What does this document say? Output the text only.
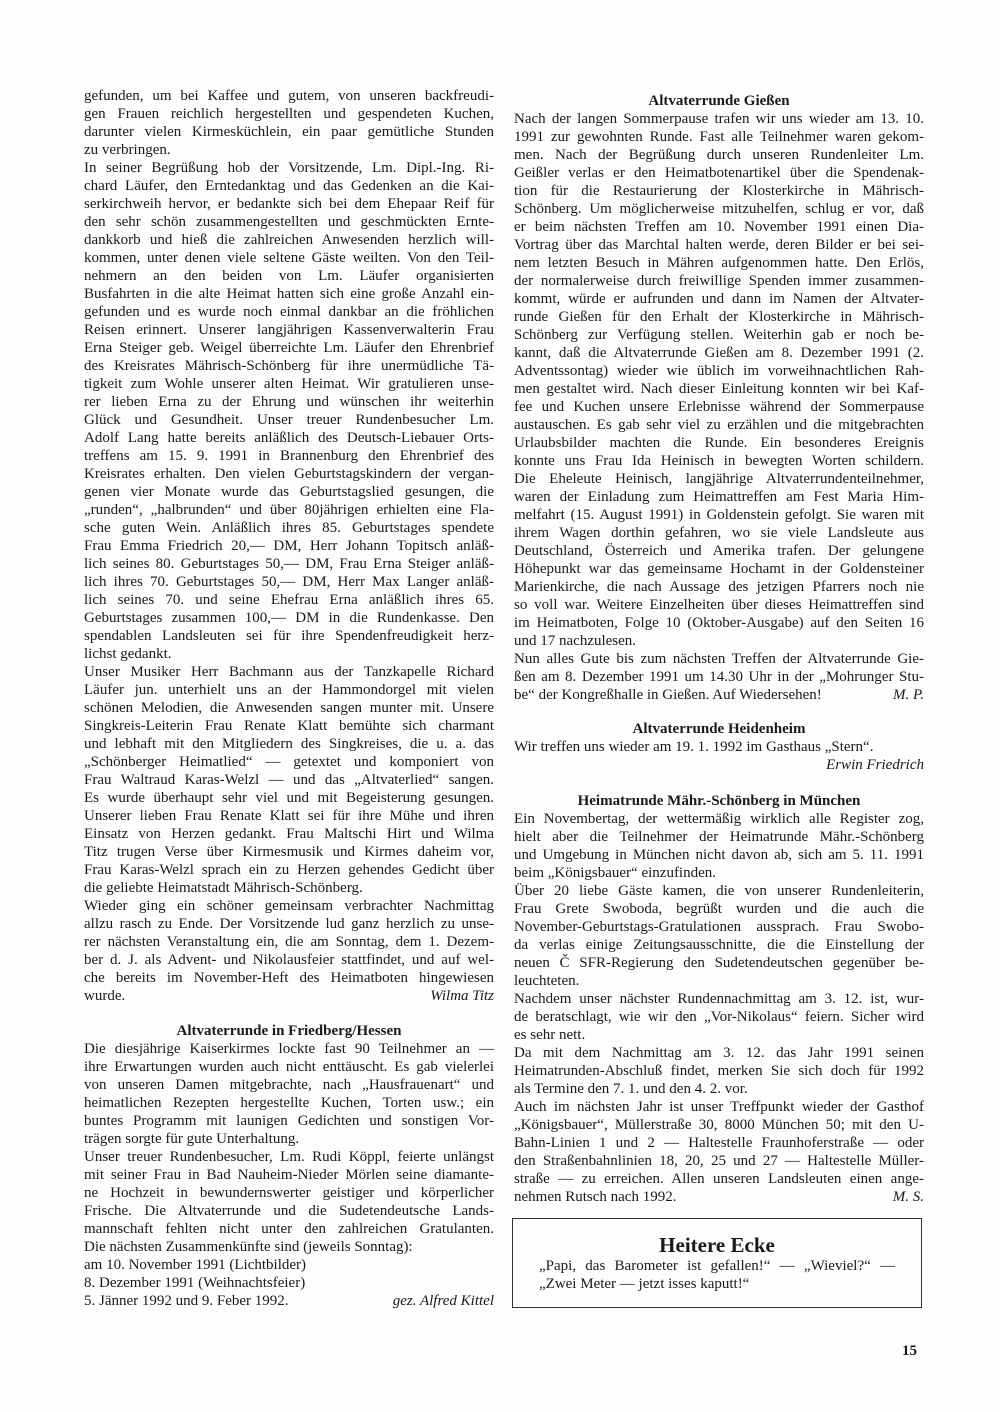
gefunden, um bei Kaffee und gutem, von unseren backfreudi-
gen Frauen reichlich hergestellten und gespendeten Kuchen,
darunter vielen Kirmesküchlein, ein paar gemütliche Stunden
zu verbringen.
In seiner Begrüßung hob der Vorsitzende, Lm. Dipl.-Ing. Ri-
chard Läufer, den Erntedanktag und das Gedenken an die Kai-
serkirchweih hervor, er bedankte sich bei dem Ehepaar Reif für
den sehr schön zusammengestellten und geschmückten Ernte-
dankkorb und hieß die zahlreichen Anwesenden herzlich will-
kommen, unter denen viele seltene Gäste weilten. Von den Teil-
nehmern an den beiden von Lm. Läufer organisierten
Busfahrten in die alte Heimat hatten sich eine große Anzahl ein-
gefunden und es wurde noch einmal dankbar an die fröhlichen
Reisen erinnert. Unserer langjährigen Kassenverwalterin Frau
Erna Steiger geb. Weigel überreichte Lm. Läufer den Ehrenbrief
des Kreisrates Mährisch-Schönberg für ihre unermüdliche Tä-
tigkeit zum Wohle unserer alten Heimat. Wir gratulieren unse-
rer lieben Erna zu der Ehrung und wünschen ihr weiterhin
Glück und Gesundheit. Unser treuer Rundenbesucher Lm.
Adolf Lang hatte bereits anläßlich des Deutsch-Liebauer Orts-
treffens am 15. 9. 1991 in Brannenburg den Ehrenbrief des
Kreisrates erhalten. Den vielen Geburtstagskindern der vergan-
genen vier Monate wurde das Geburtstagslied gesungen, die
„runden“, „halbrunden“ und über 80jährigen erhielten eine Fla-
sche guten Wein. Anläßlich ihres 85. Geburtstages spendete
Frau Emma Friedrich 20,— DM, Herr Johann Topitsch anläß-
lich seines 80. Geburtstages 50,— DM, Frau Erna Steiger anläß-
lich ihres 70. Geburtstages 50,— DM, Herr Max Langer anläß-
lich seines 70. und seine Ehefrau Erna anläßlich ihres 65.
Geburtstages zusammen 100,— DM in die Rundenkasse. Den
spendablen Landsleuten sei für ihre Spendenfreudigkeit herz-
lichst gedankt.
Unser Musiker Herr Bachmann aus der Tanzkapelle Richard
Läufer jun. unterhielt uns an der Hammondorgel mit vielen
schönen Melodien, die Anwesenden sangen munter mit. Unsere
Singkreis-Leiterin Frau Renate Klatt bemühte sich charmant
und lebhaft mit den Mitgliedern des Singkreises, die u. a. das
„Schönberger Heimatlied“ — getextet und komponiert von
Frau Waltraud Karas-Welzl — und das „Altvaterlied“ sangen.
Es wurde überhaupt sehr viel und mit Begeisterung gesungen.
Unserer lieben Frau Renate Klatt sei für ihre Mühe und ihren
Einsatz von Herzen gedankt. Frau Maltschi Hirt und Wilma
Titz trugen Verse über Kirmesmusik und Kirmes daheim vor,
Frau Karas-Welzl sprach ein zu Herzen gehendes Gedicht über
die geliebte Heimatstadt Mährisch-Schönberg.
Wieder ging ein schöner gemeinsam verbrachter Nachmittag
allzu rasch zu Ende. Der Vorsitzende lud ganz herzlich zu unse-
rer nächsten Veranstaltung ein, die am Sonntag, dem 1. Dezem-
ber d. J. als Advent- und Nikolausfeier stattfindet, und auf wel-
che bereits im November-Heft des Heimatboten hingewiesen
wurde.	Wilma Titz
Altvaterrunde in Friedberg/Hessen
Die diesjährige Kaiserkirmes lockte fast 90 Teilnehmer an —
ihre Erwartungen wurden auch nicht enttäuscht. Es gab vielerlei
von unseren Damen mitgebrachte, nach „Hausfrauenart“ und
heimatlichen Rezepten hergestellte Kuchen, Torten usw.; ein
buntes Programm mit launigen Gedichten und sonstigen Vor-
trägen sorgte für gute Unterhaltung.
Unser treuer Rundenbesucher, Lm. Rudi Köppl, feierte unlängst
mit seiner Frau in Bad Nauheim-Nieder Mörlen seine diamante-
ne Hochzeit in bewundernswerter geistiger und körperlicher
Frische. Die Altvaterrunde und die Sudetendeutsche Lands-
mannschaft fehlten nicht unter den zahlreichen Gratulanten.
Die nächsten Zusammenkünfte sind (jeweils Sonntag):
am 10. November 1991 (Lichtbilder)
8. Dezember 1991 (Weihnachtsfeier)
5. Jänner 1992 und 9. Feber 1992.	gez. Alfred Kittel
Altvaterrunde Gießen
Nach der langen Sommerpause trafen wir uns wieder am 13. 10.
1991 zur gewohnten Runde. Fast alle Teilnehmer waren gekom-
men. Nach der Begrüßung durch unseren Rundenleiter Lm.
Geißler verlas er den Heimatbotenartikel über die Spendenak-
tion für die Restaurierung der Klosterkirche in Mährisch-
Schönberg. Um möglicherweise mitzuhelfen, schlug er vor, daß
er beim nächsten Treffen am 10. November 1991 einen Dia-
Vortrag über das Marchtal halten werde, deren Bilder er bei sei-
nem letzten Besuch in Mähren aufgenommen hatte. Den Erlös,
der normalerweise durch freiwillige Spenden immer zusammen-
kommt, würde er aufrunden und dann im Namen der Altvater-
runde Gießen für den Erhalt der Klosterkirche in Mährisch-
Schönberg zur Verfügung stellen. Weiterhin gab er noch be-
kannt, daß die Altvaterrunde Gießen am 8. Dezember 1991 (2.
Adventssontag) wieder wie üblich im vorweihnachtlichen Rah-
men gestaltet wird. Nach dieser Einleitung konnten wir bei Kaf-
fee und Kuchen unsere Erlebnisse während der Sommerpause
austauschen. Es gab sehr viel zu erzählen und die mitgebrachten
Urlaubsbilder machten die Runde. Ein besonderes Ereignis
konnte uns Frau Ida Heinisch in bewegten Worten schildern.
Die Eheleute Heinisch, langjährige Altvaterrundenteilnehmer,
waren der Einladung zum Heimattreffen am Fest Maria Him-
melfahrt (15. August 1991) in Goldenstein gefolgt. Sie waren mit
ihrem Wagen dorthin gefahren, wo sie viele Landsleute aus
Deutschland, Österreich und Amerika trafen. Der gelungene
Höhepunkt war das gemeinsame Hochamt in der Goldensteiner
Marienkirche, die nach Aussage des jetzigen Pfarrers noch nie
so voll war. Weitere Einzelheiten über dieses Heimattreffen sind
im Heimatboten, Folge 10 (Oktober-Ausgabe) auf den Seiten 16
und 17 nachzulesen.
Nun alles Gute bis zum nächsten Treffen der Altvaterrunde Gie-
ßen am 8. Dezember 1991 um 14.30 Uhr in der „Mohrunger Stu-
be“ der Kongreßhalle in Gießen. Auf Wiedersehen!	M. P.
Altvaterrunde Heidenheim
Wir treffen uns wieder am 19. 1. 1992 im Gasthaus „Stern“.
Erwin Friedrich
Heimatrunde Mähr.-Schönberg in München
Ein Novembertag, der wettermäßig wirklich alle Register zog,
hielt aber die Teilnehmer der Heimatrunde Mähr.-Schönberg
und Umgebung in München nicht davon ab, sich am 5. 11. 1991
beim „Königsbauer“ einzufinden.
Über 20 liebe Gäste kamen, die von unserer Rundenleiterin,
Frau Grete Swoboda, begrüßt wurden und die auch die
November-Geburtstags-Gratulationen aussprach. Frau Swobo-
da verlas einige Zeitungsausschnitte, die die Einstellung der
neuen Č SFR-Regierung den Sudetendeutschen gegenüber be-
leuchteten.
Nachdem unser nächster Rundennachmittag am 3. 12. ist, wur-
de beratschlagt, wie wir den „Vor-Nikolaus“ feiern. Sicher wird
es sehr nett.
Da mit dem Nachmittag am 3. 12. das Jahr 1991 seinen
Heimatrunden-Abschluß findet, merken Sie sich doch für 1992
als Termine den 7. 1. und den 4. 2. vor.
Auch im nächsten Jahr ist unser Treffpunkt wieder der Gasthof
„Königsbauer“, Müllerstraße 30, 8000 München 50; mit den U-
Bahn-Linien 1 und 2 — Haltestelle Fraunhoferstraße — oder
den Straßenbahnlinien 18, 20, 25 und 27 — Haltestelle Müller-
straße — zu erreichen. Allen unseren Landsleuten einen ange-
nehmen Rutsch nach 1992.	M. S.
Heitere Ecke
„Papi, das Barometer ist gefallen!“ — „Wieviel?“ —
„Zwei Meter — jetzt isses kaputt!“
15
